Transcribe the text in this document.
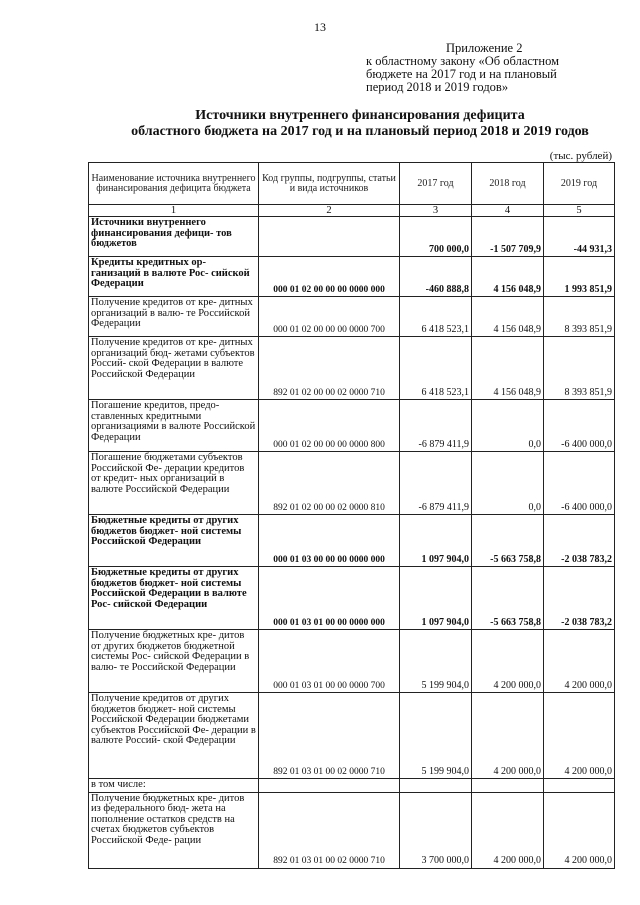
13
Приложение 2
к областному закону «Об областном
бюджете на 2017 год и на плановый
период 2018 и 2019 годов»
Источники внутреннего финансирования дефицита
областного бюджета на 2017 год и на плановый период 2018 и 2019 годов
(тыс. рублей)
Наименование источника внутреннего финансирования дефицита бюджета	Код группы, подгруппы, статьи и вида источников	2017 год	2018 год	2019 год
1	2	3	4	5
Источники внутреннего финансирования дефици- тов бюджетов		700 000,0	-1 507 709,9	-44 931,3
Кредиты кредитных ор- ганизаций в валюте Рос- сийской Федерации	000 01 02 00 00 00 0000 000	-460 888,8	4 156 048,9	1 993 851,9
Получение кредитов от кре- дитных организаций в валю- те Российской Федерации	000 01 02 00 00 00 0000 700	6 418 523,1	4 156 048,9	8 393 851,9
Получение кредитов от кре- дитных организаций бюд- жетами субъектов Россий- ской Федерации в валюте Российской Федерации	892 01 02 00 00 02 0000 710	6 418 523,1	4 156 048,9	8 393 851,9
Погашение кредитов, предо- ставленных кредитными организациями в валюте Российской Федерации	000 01 02 00 00 00 0000 800	-6 879 411,9	0,0	-6 400 000,0
Погашение бюджетами субъектов Российской Фе- дерации кредитов от кредит- ных организаций в валюте Российской Федерации	892 01 02 00 00 02 0000 810	-6 879 411,9	0,0	-6 400 000,0
Бюджетные кредиты от других бюджетов бюджет- ной системы Российской Федерации	000 01 03 00 00 00 0000 000	1 097 904,0	-5 663 758,8	-2 038 783,2
Бюджетные кредиты от других бюджетов бюджет- ной системы Российской Федерации в валюте Рос- сийской Федерации	000 01 03 01 00 00 0000 000	1 097 904,0	-5 663 758,8	-2 038 783,2
Получение бюджетных кре- дитов от других бюджетов бюджетной системы Рос- сийской Федерации в валю- те Российской Федерации	000 01 03 01 00 00 0000 700	5 199 904,0	4 200 000,0	4 200 000,0
Получение кредитов от других бюджетов бюджет- ной системы Российской Федерации бюджетами субъектов Российской Фе- дерации в валюте Россий- ской Федерации	892 01 03 01 00 02 0000 710	5 199 904,0	4 200 000,0	4 200 000,0
в том числе:				
Получение бюджетных кре- дитов из федерального бюд- жета на пополнение остатков средств на счетах бюджетов субъектов Российской Феде- рации	892 01 03 01 00 02 0000 710	3 700 000,0	4 200 000,0	4 200 000,0
